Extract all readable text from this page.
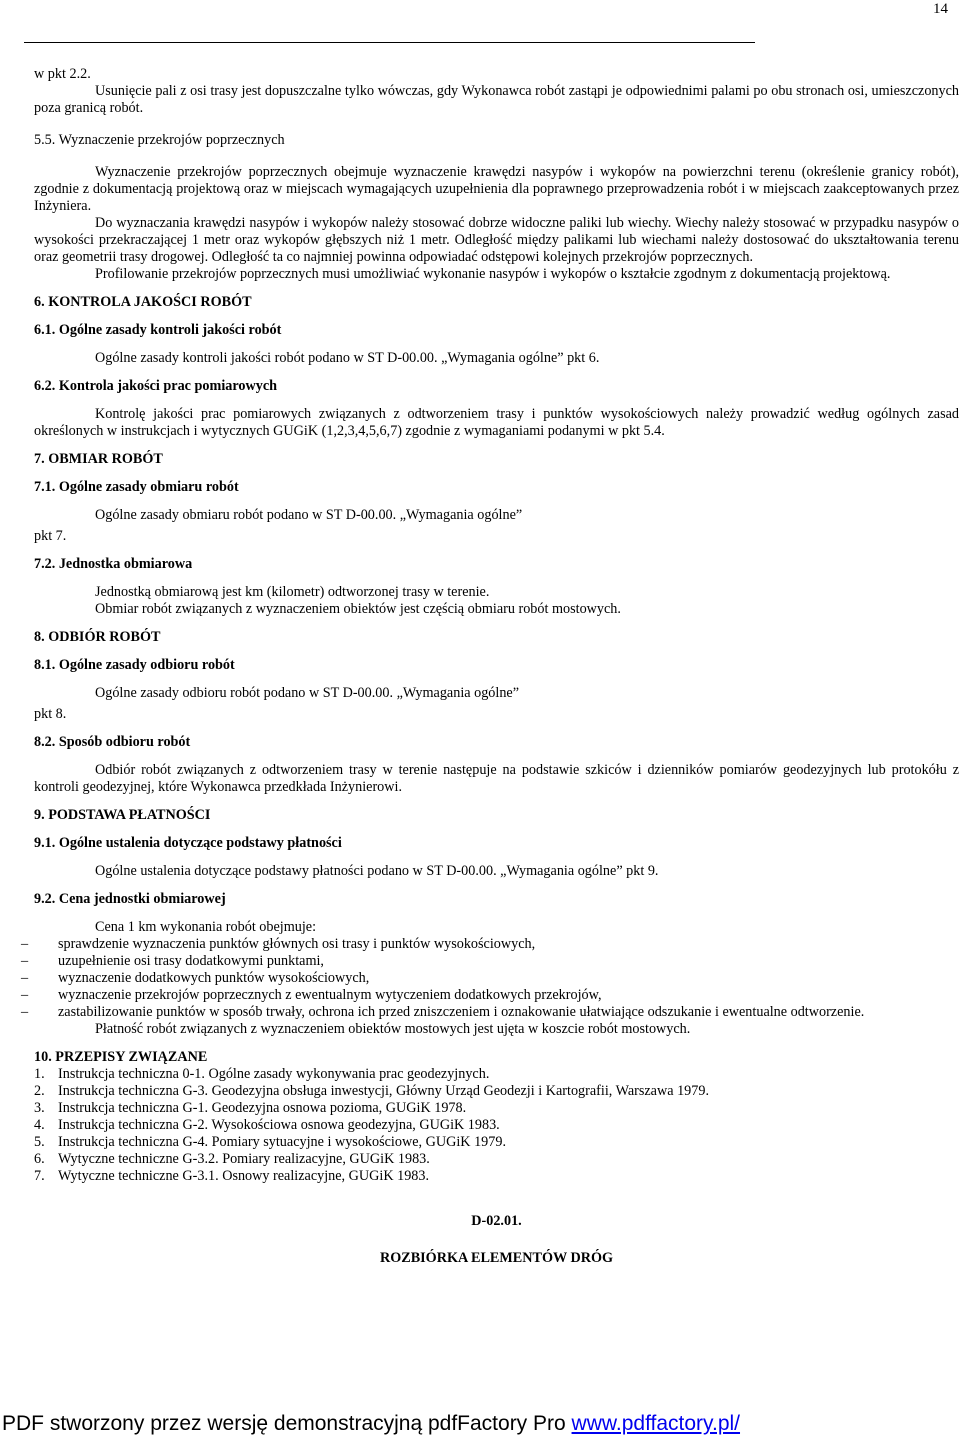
14

w pkt 2.2.

Usunięcie pali z osi trasy jest dopuszczalne tylko wówczas, gdy Wykonawca robót zastąpi je odpowiednimi palami po obu stronach osi, umieszczonych poza granicą robót.

5.5. Wyznaczenie przekrojów poprzecznych

Wyznaczenie przekrojów poprzecznych obejmuje wyznaczenie krawędzi nasypów i wykopów na powierzchni terenu (określenie granicy robót), zgodnie z dokumentacją projektową oraz w miejscach wymagających uzupełnienia dla poprawnego przeprowadzenia robót i w miejscach zaakceptowanych przez Inżyniera.

Do wyznaczania krawędzi nasypów i wykopów należy stosować dobrze widoczne paliki lub wiechy. Wiechy należy stosować w przypadku nasypów o wysokości przekraczającej 1 metr oraz wykopów głębszych niż 1 metr. Odległość między palikami lub wiechami należy dostosować do ukształtowania terenu oraz geometrii trasy drogowej. Odległość ta co najmniej powinna odpowiadać odstępowi kolejnych przekrojów poprzecznych.

Profilowanie przekrojów poprzecznych musi umożliwiać wykonanie nasypów i wykopów o kształcie zgodnym z dokumentacją projektową.

6. KONTROLA JAKOŚCI ROBÓT

6.1. Ogólne zasady kontroli jakości robót

Ogólne zasady kontroli jakości robót podano w ST D-00.00. „Wymagania ogólne” pkt 6.

6.2. Kontrola jakości prac pomiarowych

Kontrolę jakości prac pomiarowych związanych z odtworzeniem trasy i punktów wysokościowych należy prowadzić według ogólnych zasad określonych w instrukcjach i wytycznych GUGiK (1,2,3,4,5,6,7) zgodnie z wymaganiami podanymi w pkt 5.4.

7. OBMIAR ROBÓT

7.1. Ogólne zasady obmiaru robót

Ogólne zasady obmiaru robót podano w ST D-00.00. „Wymagania ogólne”

pkt 7.

7.2. Jednostka obmiarowa

Jednostką obmiarową jest km (kilometr) odtworzonej trasy w terenie.

Obmiar robót związanych z wyznaczeniem obiektów jest częścią obmiaru robót mostowych.

8. ODBIÓR ROBÓT

8.1. Ogólne zasady odbioru robót

Ogólne zasady odbioru robót podano w ST D-00.00. „Wymagania ogólne”

pkt 8.

8.2. Sposób odbioru robót

Odbiór robót związanych z odtworzeniem trasy w terenie następuje na podstawie szkiców i dzienników pomiarów geodezyjnych lub protokółu z kontroli geodezyjnej, które Wykonawca przedkłada Inżynierowi.

9. PODSTAWA PŁATNOŚCI

9.1. Ogólne ustalenia dotyczące podstawy płatności

Ogólne ustalenia dotyczące podstawy płatności podano w ST D-00.00. „Wymagania ogólne” pkt 9.

9.2. Cena jednostki obmiarowej

Cena 1 km wykonania robót obejmuje:

– sprawdzenie wyznaczenia punktów głównych osi trasy i punktów wysokościowych,
– uzupełnienie osi trasy dodatkowymi punktami,
– wyznaczenie dodatkowych punktów wysokościowych,
– wyznaczenie przekrojów poprzecznych z ewentualnym wytyczeniem dodatkowych przekrojów,
– zastabilizowanie punktów w sposób trwały, ochrona ich przed zniszczeniem i oznakowanie ułatwiające odszukanie i ewentualne odtworzenie.

Płatność robót związanych z wyznaczeniem obiektów mostowych jest ujęta w koszcie robót mostowych.

10. PRZEPISY ZWIĄZANE

1. Instrukcja techniczna 0-1. Ogólne zasady wykonywania prac geodezyjnych.
2. Instrukcja techniczna G-3. Geodezyjna obsługa inwestycji, Główny Urząd Geodezji i Kartografii, Warszawa 1979.
3. Instrukcja techniczna G-1. Geodezyjna osnowa pozioma, GUGiK 1978.
4. Instrukcja techniczna G-2. Wysokościowa osnowa geodezyjna, GUGiK 1983.
5. Instrukcja techniczna G-4. Pomiary sytuacyjne i wysokościowe, GUGiK 1979.
6. Wytyczne techniczne G-3.2. Pomiary realizacyjne, GUGiK 1983.
7. Wytyczne techniczne G-3.1. Osnowy realizacyjne, GUGiK 1983.

D-02.01.

ROZBIÓRKA ELEMENTÓW DRÓG

PDF stworzony przez wersję demonstracyjną pdfFactory Pro www.pdffactory.pl/
